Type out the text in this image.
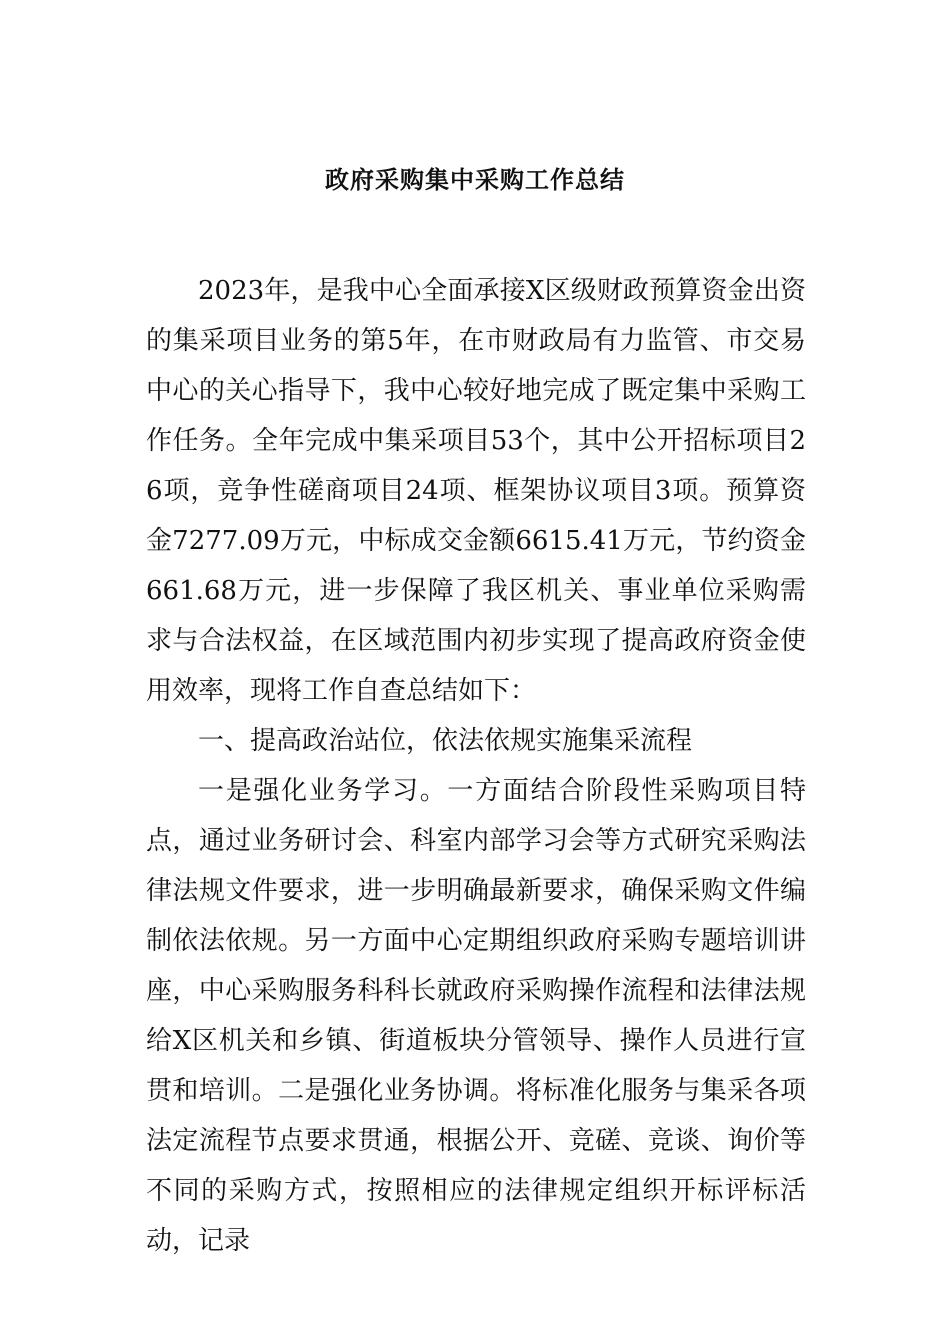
政府采购集中采购工作总结

2023年，是我中心全面承接X区级财政预算资金出资的集采项目业务的第5年，在市财政局有力监管、市交易中心的关心指导下，我中心较好地完成了既定集中采购工作任务。全年完成中集采项目53个，其中公开招标项目26项，竞争性磋商项目24项、框架协议项目3项。预算资金7277.09万元，中标成交金额6615.41万元，节约资金661.68万元，进一步保障了我区机关、事业单位采购需求与合法权益，在区域范围内初步实现了提高政府资金使用效率，现将工作自查总结如下：

一、提高政治站位，依法依规实施集采流程

一是强化业务学习。一方面结合阶段性采购项目特点，通过业务研讨会、科室内部学习会等方式研究采购法律法规文件要求，进一步明确最新要求，确保采购文件编制依法依规。另一方面中心定期组织政府采购专题培训讲座，中心采购服务科科长就政府采购操作流程和法律法规给X区机关和乡镇、街道板块分管领导、操作人员进行宣贯和培训。二是强化业务协调。将标准化服务与集采各项法定流程节点要求贯通，根据公开、竞磋、竞谈、询价等不同的采购方式，按照相应的法律规定组织开标评标活动，记录
